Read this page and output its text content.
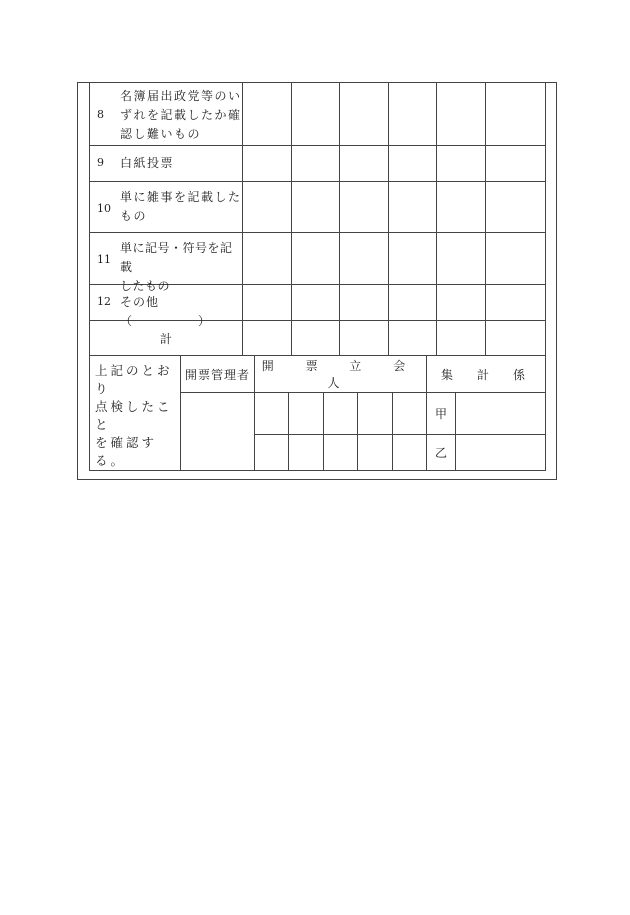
8
名簿届出政党等のい
ずれを記載したか確
認し難いもの						

9 白紙投票						

10
単に雑事を記載した
もの						

11
単に記号・符号を記載
したもの						

12 その他（　　　　　）						

計						
上記のとおり
点検したこと
を確認する。	開票管理者	開 票 立 会 人					集　計　係	
							甲	
							乙	
